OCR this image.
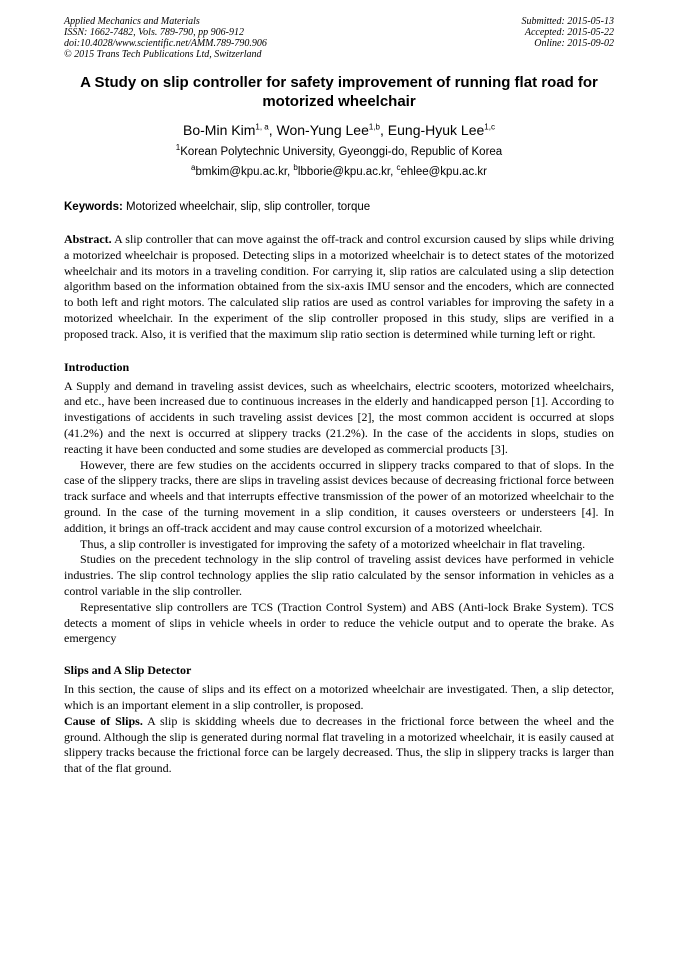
Applied Mechanics and Materials
ISSN: 1662-7482, Vols. 789-790, pp 906-912
doi:10.4028/www.scientific.net/AMM.789-790.906
© 2015 Trans Tech Publications Ltd, Switzerland
Submitted: 2015-05-13
Accepted: 2015-05-22
Online: 2015-09-02
A Study on slip controller for safety improvement of running flat road for motorized wheelchair
Bo-Min Kim$^{1, a}$, Won-Yung Lee$^{1,b}$, Eung-Hyuk Lee$^{1,c}$
$^1$Korean Polytechnic University, Gyeonggi-do, Republic of Korea
$^a$bmkim@kpu.ac.kr, $^b$lbborie@kpu.ac.kr, $^c$ehlee@kpu.ac.kr
Keywords: Motorized wheelchair, slip, slip controller, torque

Abstract. A slip controller that can move against the off-track and control excursion caused by slips while driving a motorized wheelchair is proposed. Detecting slips in a motorized wheelchair is to detect states of the motorized wheelchair and its motors in a traveling condition. For carrying it, slip ratios are calculated using a slip detection algorithm based on the information obtained from the six-axis IMU sensor and the encoders, which are connected to both left and right motors. The calculated slip ratios are used as control variables for improving the safety in a motorized wheelchair. In the experiment of the slip controller proposed in this study, slips are verified in a proposed track. Also, it is verified that the maximum slip ratio section is determined while turning left or right.

Introduction

A Supply and demand in traveling assist devices, such as wheelchairs, electric scooters, motorized wheelchairs, and etc., have been increased due to continuous increases in the elderly and handicapped person [1]. According to investigations of accidents in such traveling assist devices [2], the most common accident is occurred at slops (41.2%) and the next is occurred at slippery tracks (21.2%). In the case of the accidents in slops, studies on reacting it have been conducted and some studies are developed as commercial products [3].

However, there are few studies on the accidents occurred in slippery tracks compared to that of slops. In the case of the slippery tracks, there are slips in traveling assist devices because of decreasing frictional force between track surface and wheels and that interrupts effective transmission of the power of an motorized wheelchair to the ground. In the case of the turning movement in a slip condition, it causes oversteers or understeers [4]. In addition, it brings an off-track accident and may cause control excursion of a motorized wheelchair.

Thus, a slip controller is investigated for improving the safety of a motorized wheelchair in flat traveling.

Studies on the precedent technology in the slip control of traveling assist devices have performed in vehicle industries. The slip control technology applies the slip ratio calculated by the sensor information in vehicles as a control variable in the slip controller.

Representative slip controllers are TCS (Traction Control System) and ABS (Anti-lock Brake System). TCS detects a moment of slips in vehicle wheels in order to reduce the vehicle output and to operate the brake. As emergency

Slips and A Slip Detector

In this section, the cause of slips and its effect on a motorized wheelchair are investigated. Then, a slip detector, which is an important element in a slip controller, is proposed.

Cause of Slips. A slip is skidding wheels due to decreases in the frictional force between the wheel and the ground. Although the slip is generated during normal flat traveling in a motorized wheelchair, it is easily caused at slippery tracks because the frictional force can be largely decreased. Thus, the slip in slippery tracks is larger than that of the flat ground.
